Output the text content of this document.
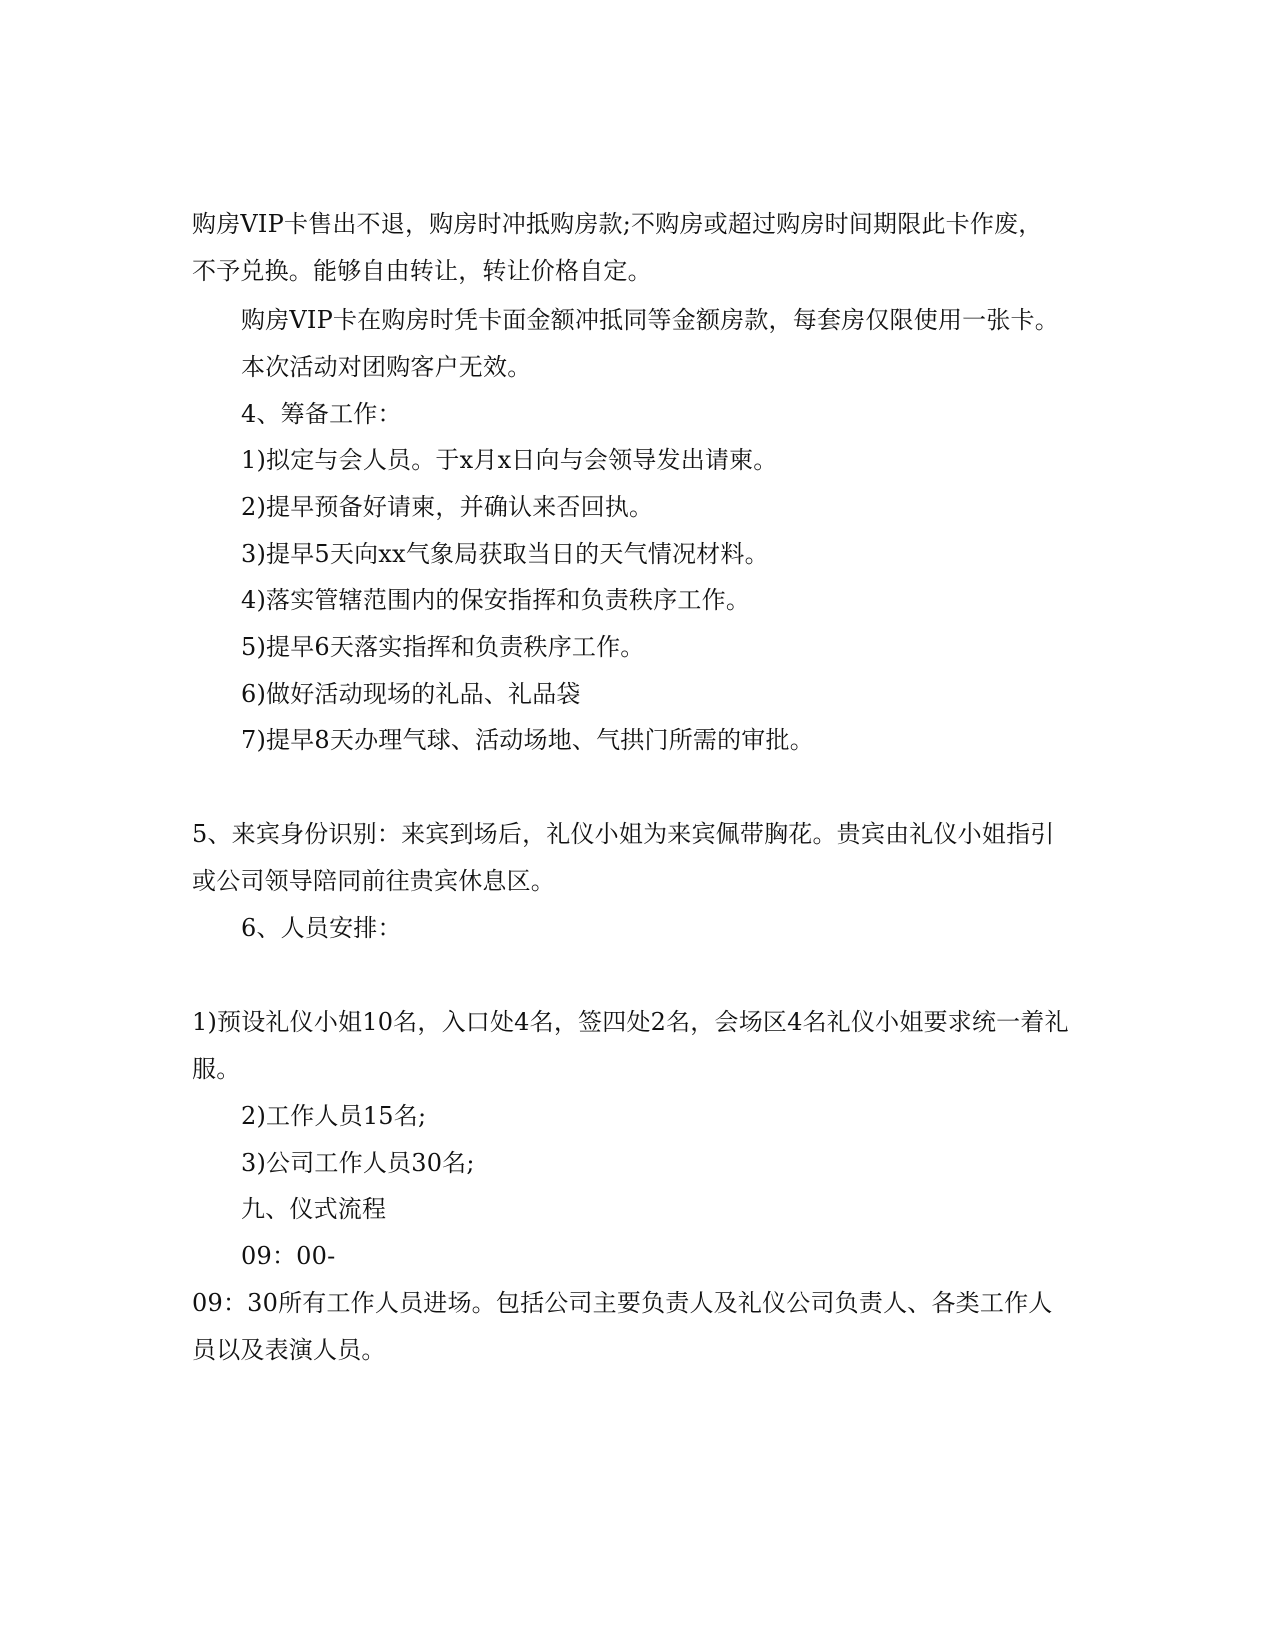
购房VIP卡售出不退，购房时冲抵购房款;不购房或超过购房时间期限此卡作废，
不予兑换。能够自由转让，转让价格自定。
购房VIP卡在购房时凭卡面金额冲抵同等金额房款，每套房仅限使用一张卡。
本次活动对团购客户无效。
4、筹备工作：
1)拟定与会人员。于x月x日向与会领导发出请柬。
2)提早预备好请柬，并确认来否回执。
3)提早5天向xx气象局获取当日的天气情况材料。
4)落实管辖范围内的保安指挥和负责秩序工作。
5)提早6天落实指挥和负责秩序工作。
6)做好活动现场的礼品、礼品袋
7)提早8天办理气球、活动场地、气拱门所需的审批。
5、来宾身份识别：来宾到场后，礼仪小姐为来宾佩带胸花。贵宾由礼仪小姐指引
或公司领导陪同前往贵宾休息区。
6、人员安排：
1)预设礼仪小姐10名，入口处4名，签四处2名，会场区4名礼仪小姐要求统一着礼
服。
2)工作人员15名;
3)公司工作人员30名;
九、仪式流程
09：00-
09：30所有工作人员进场。包括公司主要负责人及礼仪公司负责人、各类工作人
员以及表演人员。
